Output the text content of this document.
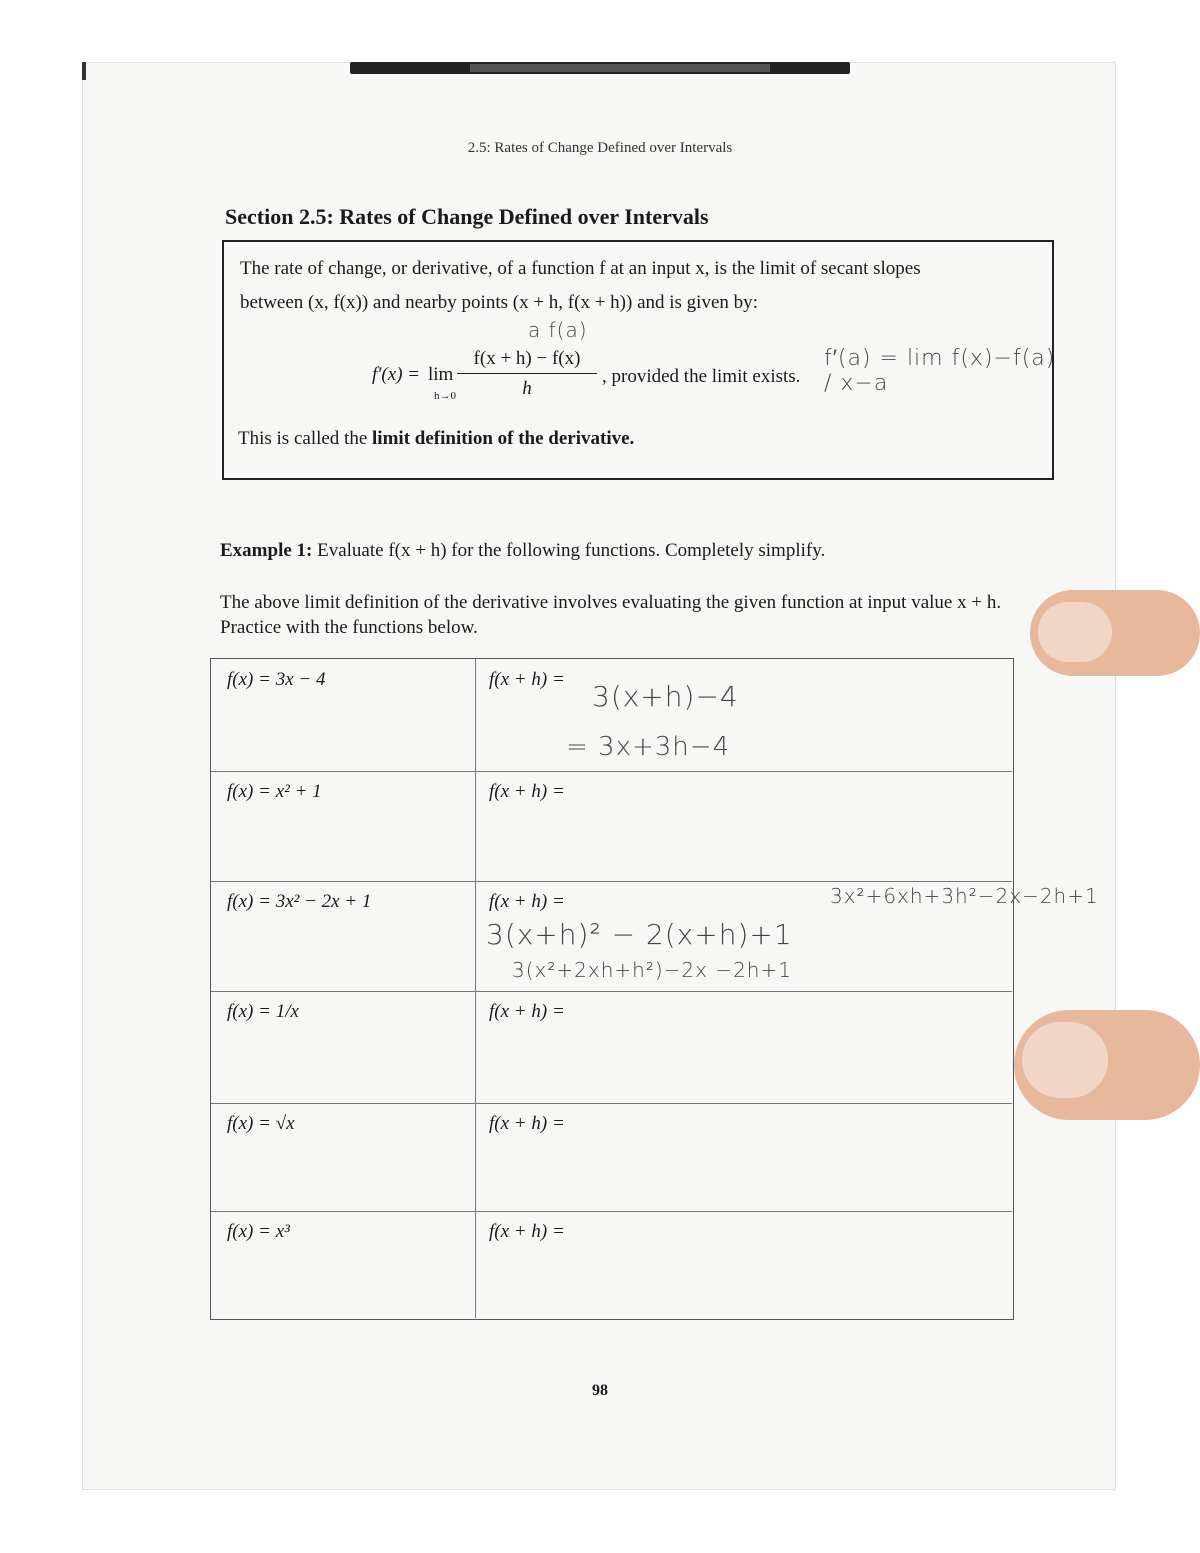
2.5: Rates of Change Defined over Intervals
Section 2.5: Rates of Change Defined over Intervals
The rate of change, or derivative, of a function f at an input x, is the limit of secant slopes
between (x, f(x)) and nearby points (x + h, f(x + h)) and is given by:
f′(x) = lim
$h\to 0 \frac{f(x + h) - f(x)}{h}$ , provided the limit exists.
This is called the limit definition of the derivative.
a f(a)
f′(a) = lim f(x)−f(a) / x−a
Example 1: Evaluate f(x + h) for the following functions. Completely simplify.
The above limit definition of the derivative involves evaluating the given function at input value x + h. Practice with the functions below.
f(x) = 3x − 4	f(x + h) =
f(x) = x² + 1	f(x + h) =
f(x) = 3x² − 2x + 1	f(x + h) =
f(x) = 1/x	f(x + h) =
f(x) = √x	f(x + h) =
f(x) = x³	f(x + h) =
3(x+h)−4
= 3x+3h−4
3(x+h)² − 2(x+h)+1
3(x²+2xh+h²)−2x −2h+1
3x²+6xh+3h²−2x−2h+1
98
